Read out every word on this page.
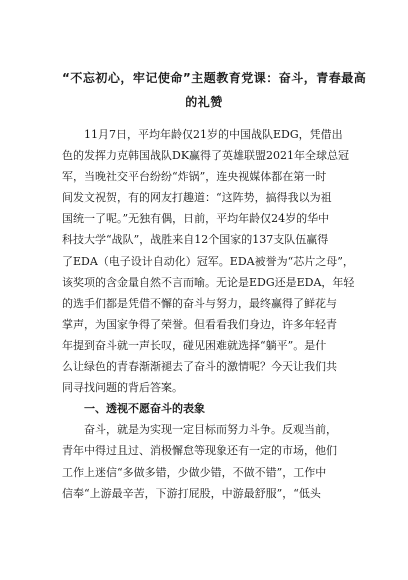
“不忘初心，牢记使命”主题教育党课：奋斗，青春最高
的礼赞
11月7日，平均年龄仅21岁的中国战队EDG，凭借出
色的发挥力克韩国战队DK赢得了英雄联盟2021年全球总冠
军，当晚社交平台纷纷“炸锅”，连央视媒体都在第一时
间发文祝贺，有的网友打趣道：“这阵势，搞得我以为祖
国统一了呢。”无独有偶，日前，平均年龄仅24岁的华中
科技大学“战队”，战胜来自12个国家的137支队伍赢得
了EDA（电子设计自动化）冠军。EDA被誉为“芯片之母”，
该奖项的含金量自然不言而喻。无论是EDG还是EDA，年轻
的选手们都是凭借不懈的奋斗与努力，最终赢得了鲜花与
掌声，为国家争得了荣誉。但看看我们身边，许多年轻青
年提到奋斗就一声长叹，碰见困难就选择“躺平”。是什
么让绿色的青春渐渐褪去了奋斗的激情呢？今天让我们共
同寻找问题的背后答案。
一、透视不愿奋斗的表象
奋斗，就是为实现一定目标而努力斗争。反观当前，
青年中得过且过、消极懈怠等现象还有一定的市场，他们
工作上迷信“多做多错，少做少错，不做不错”，工作中
信奉“上游最辛苦，下游打屁股，中游最舒服”，“低头
